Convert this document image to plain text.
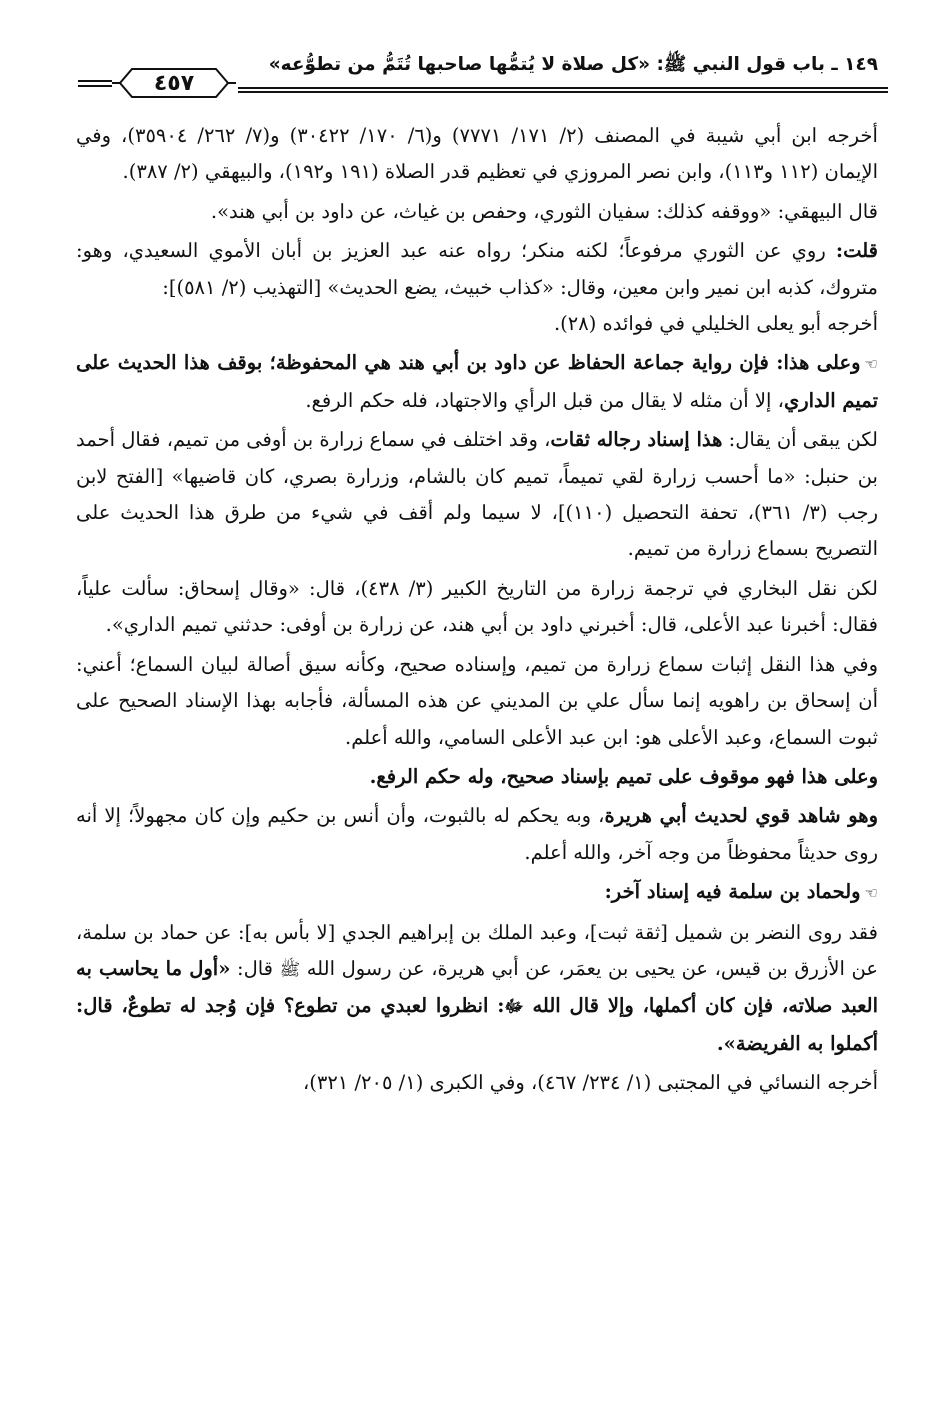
١٤٩ ـ باب قول النبي ﷺ: «كل صلاة لا يُتمُّها صاحبها تُتَمُّ من تطوُّعه»
٤٥٧

أخرجه ابن أبي شيبة في المصنف (٢/ ١٧١/ ٧٧٧١) و(٦/ ١٧٠/ ٣٠٤٢٢) و(٧/ ٢٦٢/ ٣٥٩٠٤)، وفي الإيمان (١١٢ و١١٣)، وابن نصر المروزي في تعظيم قدر الصلاة (١٩١ و١٩٢)، والبيهقي (٢/ ٣٨٧).

قال البيهقي: «ووقفه كذلك: سفيان الثوري، وحفص بن غياث، عن داود بن أبي هند».

قلت: روي عن الثوري مرفوعاً؛ لكنه منكر؛ رواه عنه عبد العزيز بن أبان الأموي السعيدي، وهو: متروك، كذبه ابن نمير وابن معين، وقال: «كذاب خبيث، يضع الحديث» [التهذيب (٢/ ٥٨١)]:

أخرجه أبو يعلى الخليلي في فوائده (٢٨).

☜وعلى هذا: فإن رواية جماعة الحفاظ عن داود بن أبي هند هي المحفوظة؛ بوقف هذا الحديث على تميم الداري، إلا أن مثله لا يقال من قبل الرأي والاجتهاد، فله حكم الرفع.

لكن يبقى أن يقال: هذا إسناد رجاله ثقات، وقد اختلف في سماع زرارة بن أوفى من تميم، فقال أحمد بن حنبل: «ما أحسب زرارة لقي تميماً، تميم كان بالشام، وزرارة بصري، كان قاضيها» [الفتح لابن رجب (٣/ ٣٦١)، تحفة التحصيل (١١٠)]، لا سيما ولم أقف في شيء من طرق هذا الحديث على التصريح بسماع زرارة من تميم.

لكن نقل البخاري في ترجمة زرارة من التاريخ الكبير (٣/ ٤٣٨)، قال: «وقال إسحاق: سألت علياً، فقال: أخبرنا عبد الأعلى، قال: أخبرني داود بن أبي هند، عن زرارة بن أوفى: حدثني تميم الداري».

وفي هذا النقل إثبات سماع زرارة من تميم، وإسناده صحيح، وكأنه سيق أصالة لبيان السماع؛ أعني: أن إسحاق بن راهويه إنما سأل علي بن المديني عن هذه المسألة، فأجابه بهذا الإسناد الصحيح على ثبوت السماع، وعبد الأعلى هو: ابن عبد الأعلى السامي، والله أعلم.

وعلى هذا فهو موقوف على تميم بإسناد صحيح، وله حكم الرفع.

وهو شاهد قوي لحديث أبي هريرة، وبه يحكم له بالثبوت، وأن أنس بن حكيم وإن كان مجهولاً؛ إلا أنه روى حديثاً محفوظاً من وجه آخر، والله أعلم.

☜ولحماد بن سلمة فيه إسناد آخر:

فقد روى النضر بن شميل [ثقة ثبت]، وعبد الملك بن إبراهيم الجدي [لا بأس به]: عن حماد بن سلمة، عن الأزرق بن قيس، عن يحيى بن يعمَر، عن أبي هريرة، عن رسول الله ﷺ قال: «أول ما يحاسب به العبد صلاته، فإن كان أكملها، وإلا قال الله ﷻ: انظروا لعبدي من تطوع؟ فإن وُجد له تطوعٌ، قال: أكملوا به الفريضة».

أخرجه النسائي في المجتبى (١/ ٢٣٤/ ٤٦٧)، وفي الكبرى (١/ ٢٠٥/ ٣٢١)،
